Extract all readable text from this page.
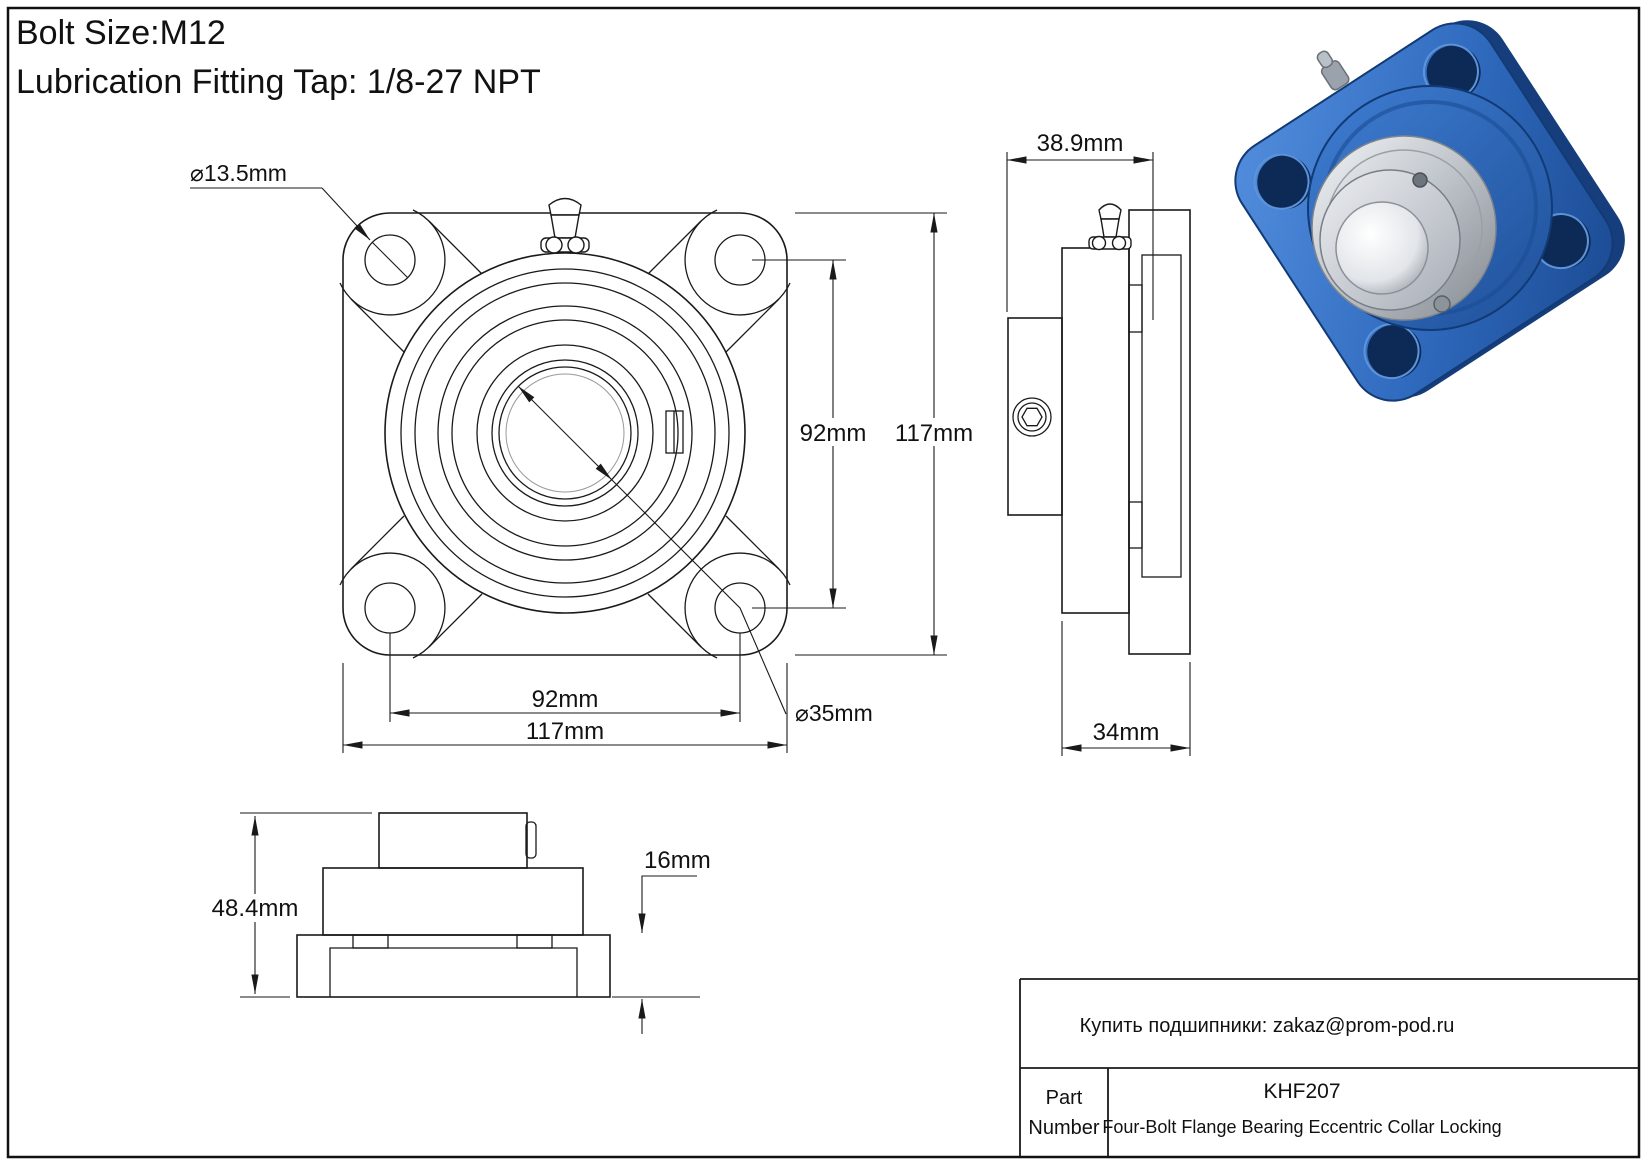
Bolt Size:M12
Lubrication Fitting Tap: 1/8-27 NPT
⌀13.5mm
92mm 117mm
92mm
117mm
⌀35mm
38.9mm
34mm
48.4mm
16mm
Купить подшипники: zakaz@prom-pod.ru
Part
Number
KHF207
Four-Bolt Flange Bearing Eccentric Collar Locking
